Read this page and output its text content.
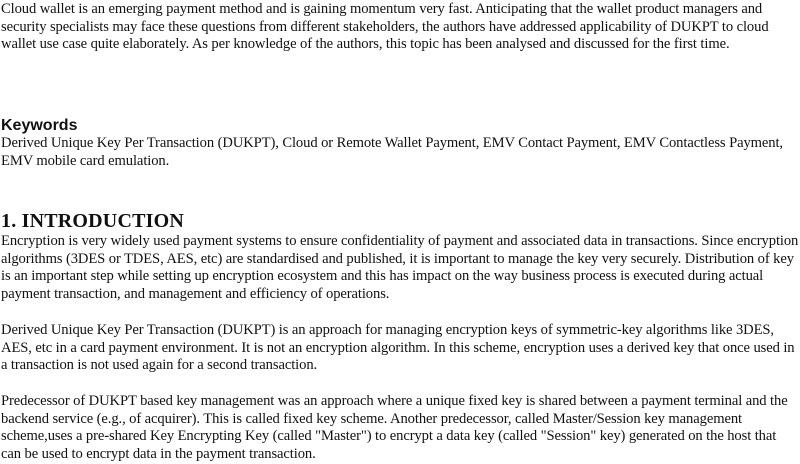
Cloud wallet is an emerging payment method and is gaining momentum very fast. Anticipating that the wallet product managers and security specialists may face these questions from different stakeholders, the authors have addressed applicability of DUKPT to cloud wallet use case quite elaborately. As per knowledge of the authors, this topic has been analysed and discussed for the first time.

Keywords

Derived Unique Key Per Transaction (DUKPT), Cloud or Remote Wallet Payment, EMV Contact Payment, EMV Contactless Payment, EMV mobile card emulation.

1. INTRODUCTION

Encryption is very widely used payment systems to ensure confidentiality of payment and associated data in transactions. Since encryption algorithms (3DES or TDES, AES, etc) are standardised and published, it is important to manage the key very securely. Distribution of key is an important step while setting up encryption ecosystem and this has impact on the way business process is executed during actual payment transaction, and management and efficiency of operations.

Derived Unique Key Per Transaction (DUKPT) is an approach for managing encryption keys of symmetric-key algorithms like 3DES, AES, etc in a card payment environment. It is not an encryption algorithm. In this scheme, encryption uses a derived key that once used in a transaction is not used again for a second transaction.

Predecessor of DUKPT based key management was an approach where a unique fixed key is shared between a payment terminal and the backend service (e.g., of acquirer). This is called fixed key scheme. Another predecessor, called Master/Session key management scheme,uses a pre-shared Key Encrypting Key (called "Master") to encrypt a data key (called "Session" key) generated on the host that can be used to encrypt data in the payment transaction.
